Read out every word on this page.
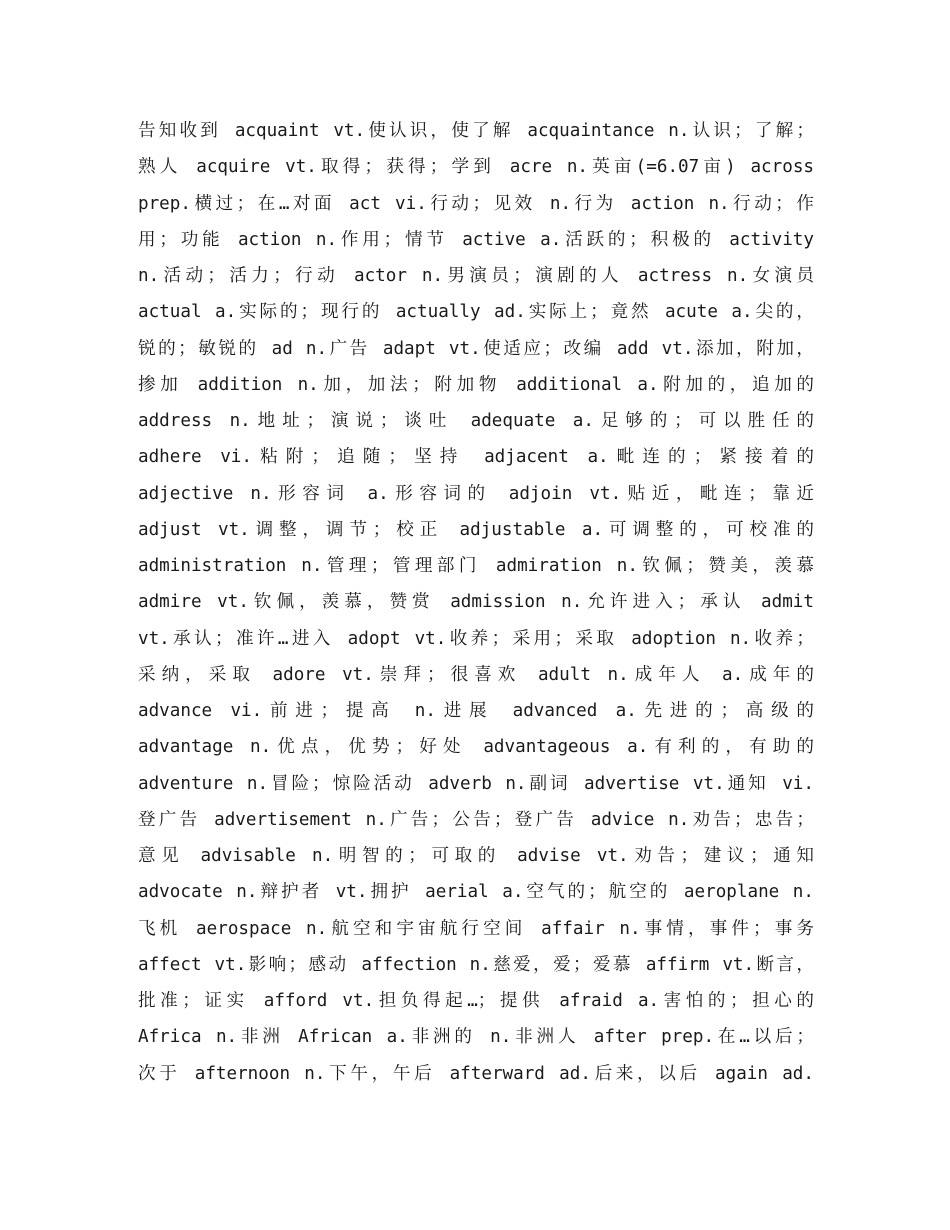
告知收到 acquaint vt.使认识，使了解 acquaintance n.认识；了解；
熟人 acquire vt.取得；获得；学到 acre n.英亩(=6.07亩) across
prep.横过；在…对面 act vi.行动；见效 n.行为 action n.行动；作
用；功能 action n.作用；情节 active a.活跃的；积极的 activity
n.活动；活力；行动 actor n.男演员；演剧的人 actress n.女演员
actual a.实际的；现行的 actually ad.实际上；竟然 acute a.尖的，
锐的；敏锐的 ad n.广告 adapt vt.使适应；改编 add vt.添加，附加，
掺加 addition n.加，加法；附加物 additional a.附加的，追加的
address n.地址；演说；谈吐 adequate a.足够的；可以胜任的
adhere vi.粘附；追随；坚持 adjacent a.毗连的；紧接着的
adjective n.形容词 a.形容词的 adjoin vt.贴近，毗连；靠近
adjust vt.调整，调节；校正 adjustable a.可调整的，可校准的
administration n.管理；管理部门 admiration n.钦佩；赞美，羡慕
admire vt.钦佩，羡慕，赞赏 admission n.允许进入；承认 admit
vt.承认；准许…进入 adopt vt.收养；采用；采取 adoption n.收养；
采纳，采取 adore vt.崇拜；很喜欢 adult n.成年人 a.成年的
advance vi.前进；提高 n.进展 advanced a.先进的；高级的
advantage n.优点，优势；好处 advantageous a.有利的，有助的
adventure n.冒险；惊险活动 adverb n.副词 advertise vt.通知 vi.
登广告 advertisement n.广告；公告；登广告 advice n.劝告；忠告；
意见 advisable n.明智的；可取的 advise vt.劝告；建议；通知
advocate n.辩护者 vt.拥护 aerial a.空气的；航空的 aeroplane n.
飞机 aerospace n.航空和宇宙航行空间 affair n.事情，事件；事务
affect vt.影响；感动 affection n.慈爱，爱；爱慕 affirm vt.断言，
批准；证实 afford vt.担负得起…；提供 afraid a.害怕的；担心的
Africa n.非洲 African a.非洲的 n.非洲人 after prep.在…以后；
次于 afternoon n.下午，午后 afterward ad.后来，以后 again ad.
